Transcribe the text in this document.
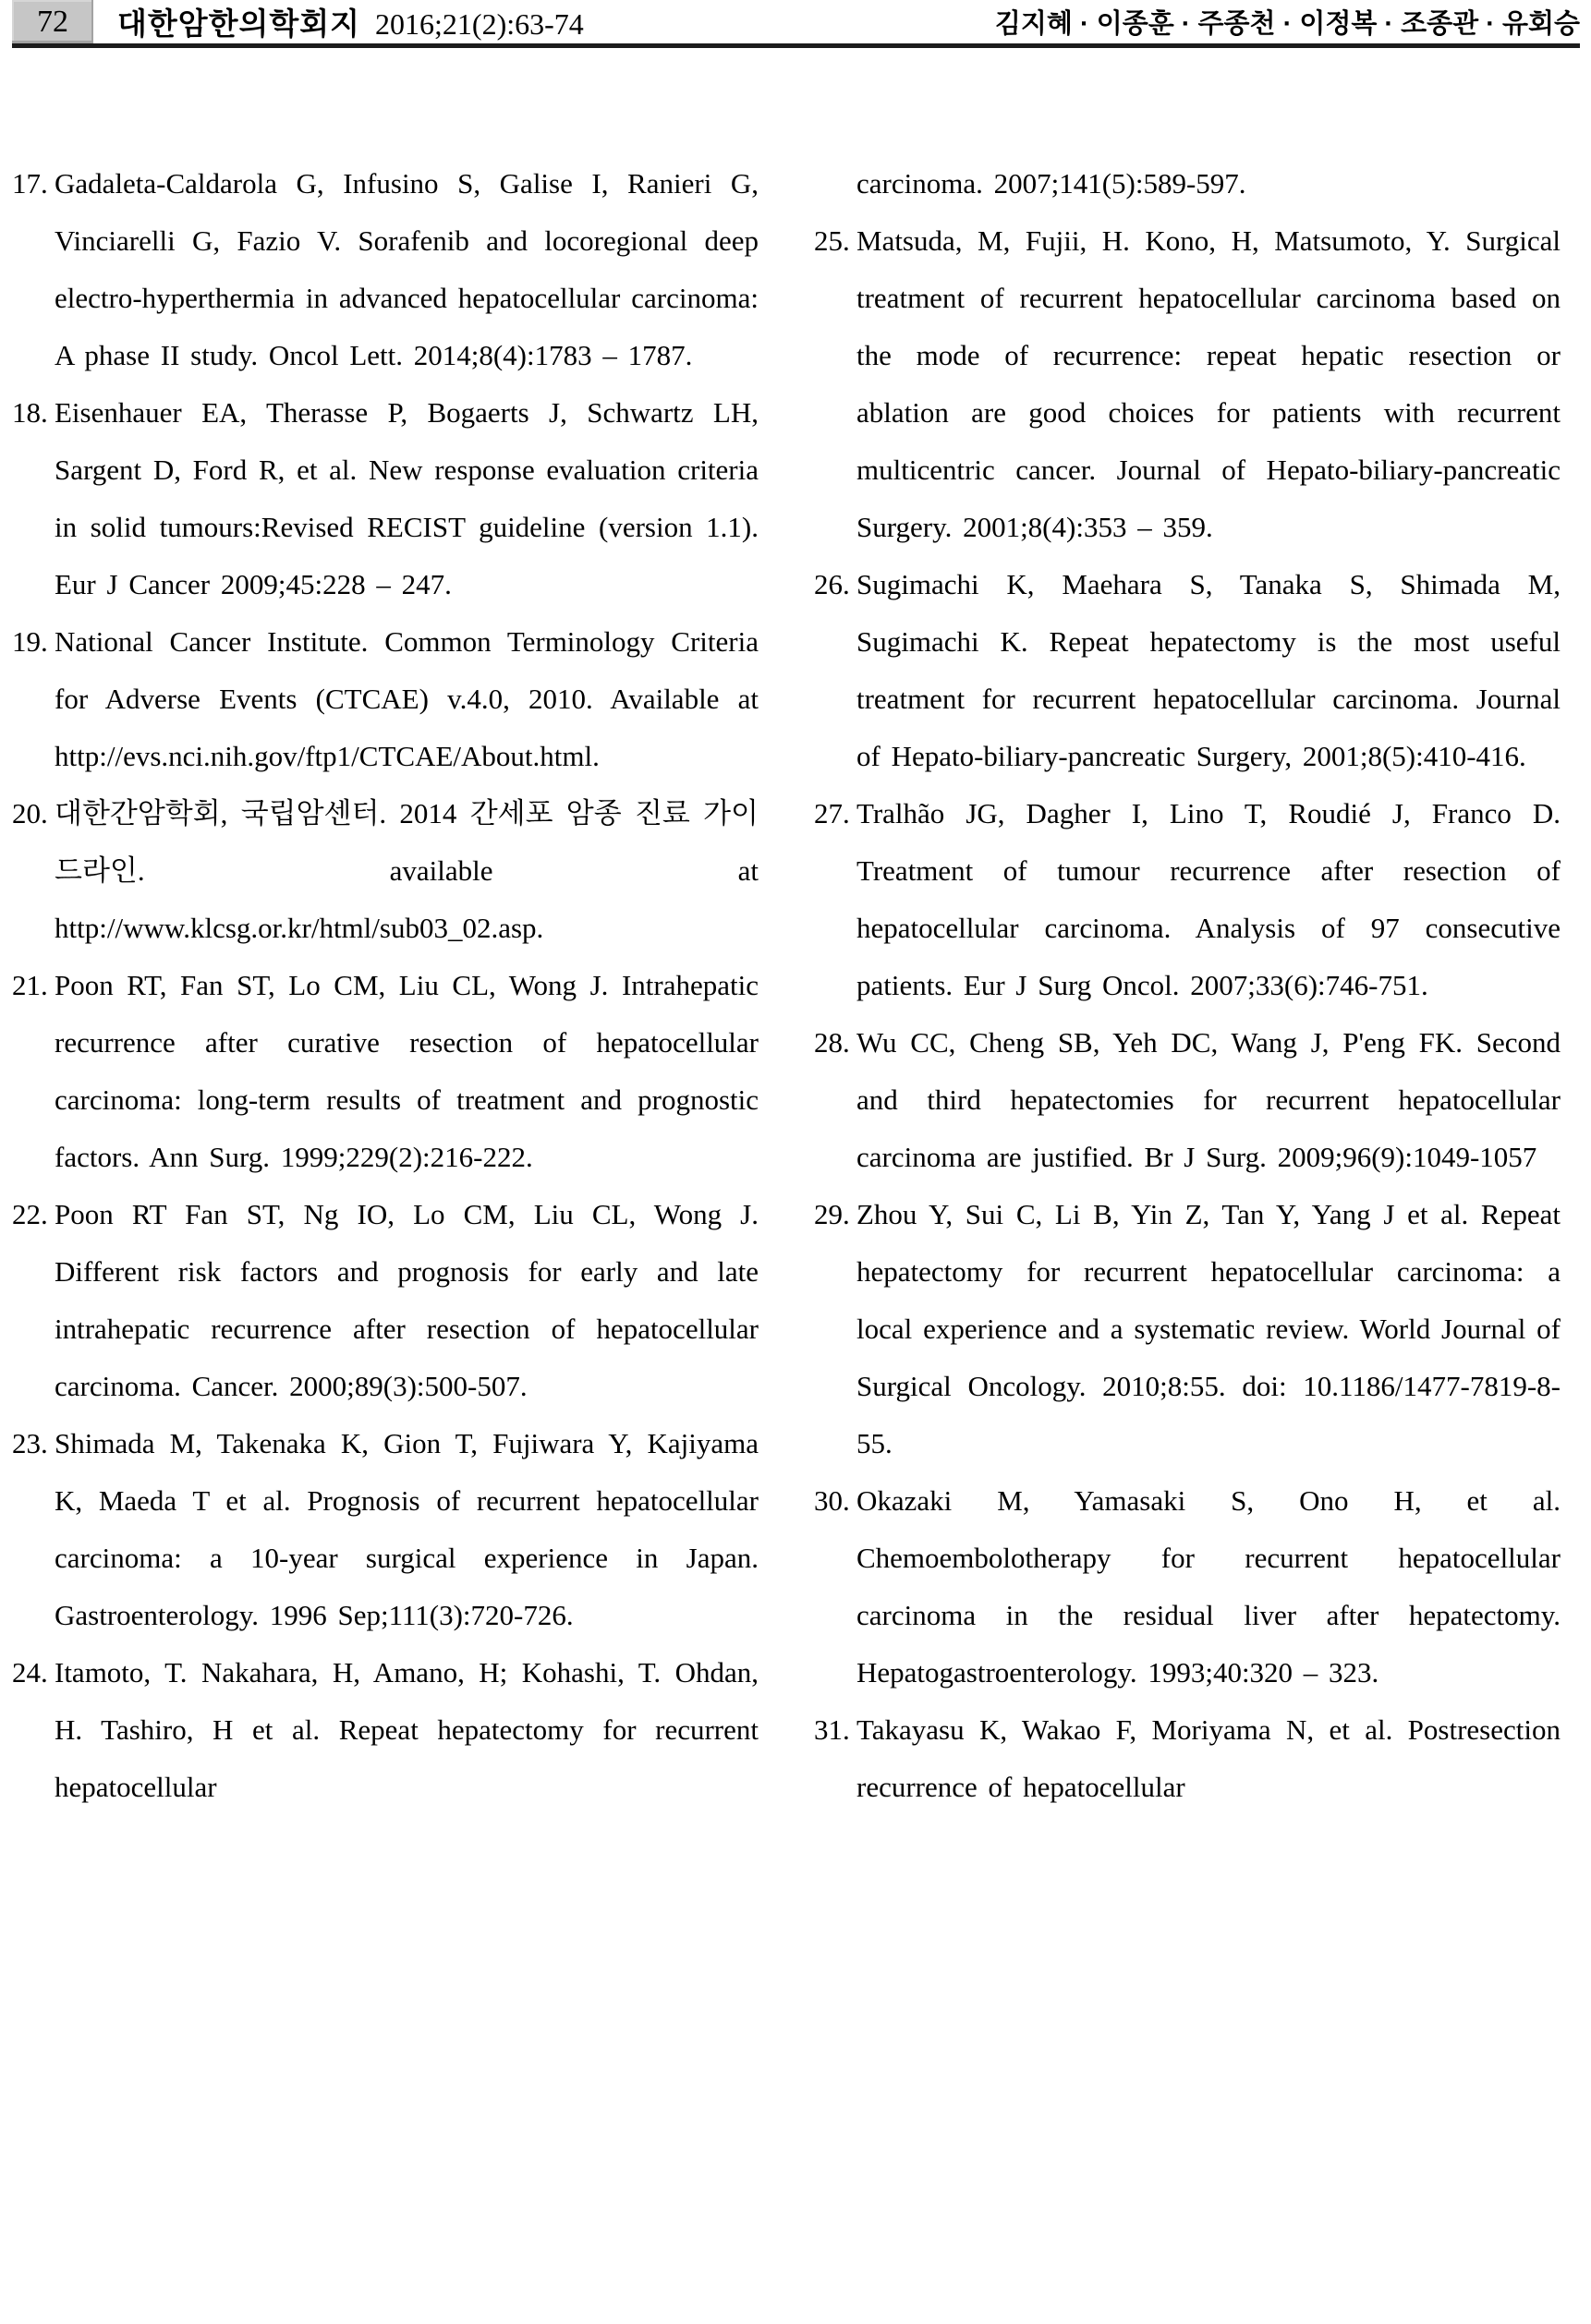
72 대한암한의학회지 2016;21(2):63-74	김지혜 · 이종훈 · 주종천 · 이정복 · 조종관 · 유회승
17. Gadaleta-Caldarola G, Infusino S, Galise I, Ranieri G, Vinciarelli G, Fazio V. Sorafenib and locoregional deep electro-hyperthermia in advanced hepatocellular carcinoma: A phase II study. Oncol Lett. 2014;8(4):1783 – 1787.
18. Eisenhauer EA, Therasse P, Bogaerts J, Schwartz LH, Sargent D, Ford R, et al. New response evaluation criteria in solid tumours:Revised RECIST guideline (version 1.1). Eur J Cancer 2009;45:228 – 247.
19. National Cancer Institute. Common Terminology Criteria for Adverse Events (CTCAE) v.4.0, 2010. Available at http://evs.nci.nih.gov/ftp1/CTCAE/About.html.
20. 대한간암학회, 국립암센터. 2014 간세포 암종 진료 가이드라인. available at http://www.klcsg.or.kr/html/sub03_02.asp.
21. Poon RT, Fan ST, Lo CM, Liu CL, Wong J. Intrahepatic recurrence after curative resection of hepatocellular carcinoma: long-term results of treatment and prognostic factors. Ann Surg. 1999;229(2):216-222.
22. Poon RT Fan ST, Ng IO, Lo CM, Liu CL, Wong J. Different risk factors and prognosis for early and late intrahepatic recurrence after resection of hepatocellular carcinoma. Cancer. 2000;89(3):500-507.
23. Shimada M, Takenaka K, Gion T, Fujiwara Y, Kajiyama K, Maeda T et al. Prognosis of recurrent hepatocellular carcinoma: a 10-year surgical experience in Japan. Gastroenterology. 1996 Sep;111(3):720-726.
24. Itamoto, T. Nakahara, H, Amano, H; Kohashi, T. Ohdan, H. Tashiro, H et al. Repeat hepatectomy for recurrent hepatocellular
carcinoma. 2007;141(5):589-597.
25. Matsuda, M, Fujii, H. Kono, H, Matsumoto, Y. Surgical treatment of recurrent hepatocellular carcinoma based on the mode of recurrence: repeat hepatic resection or ablation are good choices for patients with recurrent multicentric cancer. Journal of Hepato-biliary-pancreatic Surgery. 2001;8(4):353 – 359.
26. Sugimachi K, Maehara S, Tanaka S, Shimada M, Sugimachi K. Repeat hepatectomy is the most useful treatment for recurrent hepatocellular carcinoma. Journal of Hepato-biliary-pancreatic Surgery, 2001;8(5):410-416.
27. Tralhão JG, Dagher I, Lino T, Roudié J, Franco D. Treatment of tumour recurrence after resection of hepatocellular carcinoma. Analysis of 97 consecutive patients. Eur J Surg Oncol. 2007;33(6):746-751.
28. Wu CC, Cheng SB, Yeh DC, Wang J, P'eng FK. Second and third hepatectomies for recurrent hepatocellular carcinoma are justified. Br J Surg. 2009;96(9):1049-1057
29. Zhou Y, Sui C, Li B, Yin Z, Tan Y, Yang J et al. Repeat hepatectomy for recurrent hepatocellular carcinoma: a local experience and a systematic review. World Journal of Surgical Oncology. 2010;8:55. doi: 10.1186/1477-7819-8-55.
30. Okazaki M, Yamasaki S, Ono H, et al. Chemoembolotherapy for recurrent hepatocellular carcinoma in the residual liver after hepatectomy. Hepatogastroenterology. 1993;40:320 – 323.
31. Takayasu K, Wakao F, Moriyama N, et al. Postresection recurrence of hepatocellular
